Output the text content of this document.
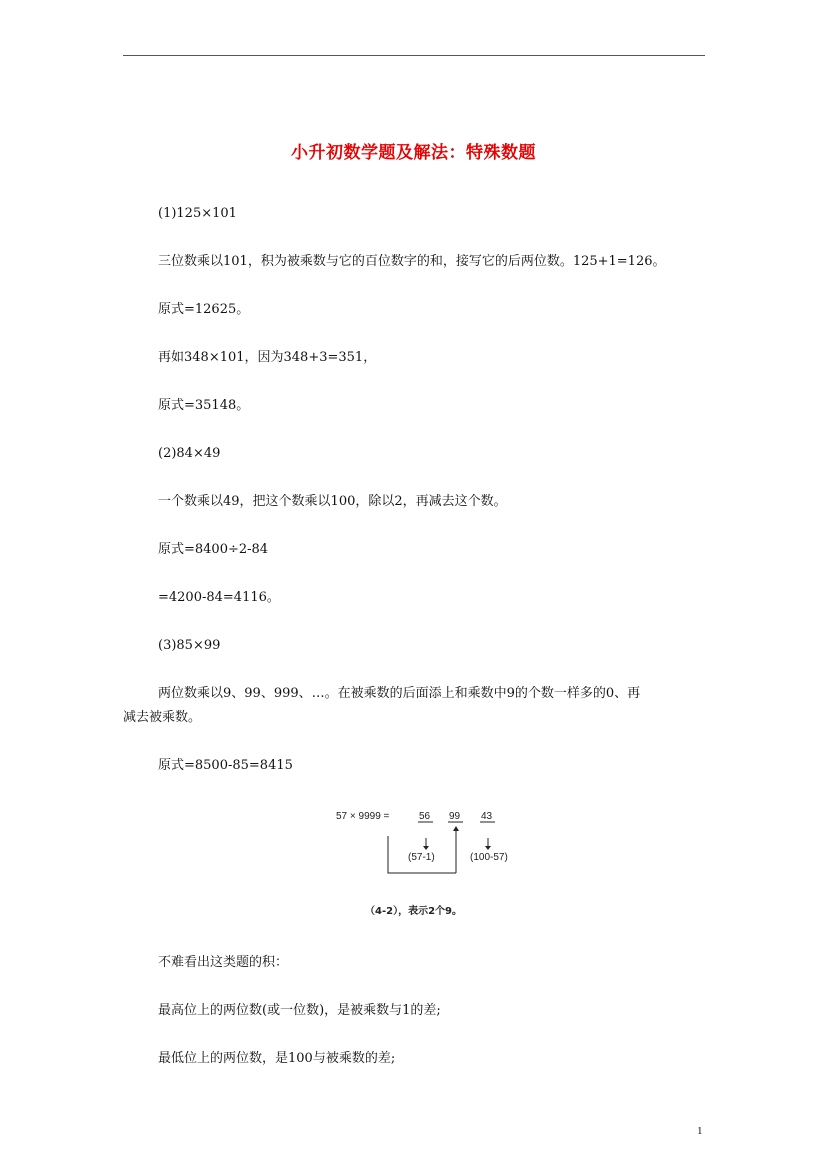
小升初数学题及解法：特殊数题
(1)125×101
三位数乘以101，积为被乘数与它的百位数字的和，接写它的后两位数。125+1=126。
原式=12625。
再如348×101，因为348+3=351，
原式=35148。
(2)84×49
一个数乘以49，把这个数乘以100，除以2，再减去这个数。
原式=8400÷2-84
=4200-84=4116。
(3)85×99
两位数乘以9、99、999、…。在被乘数的后面添上和乘数中9的个数一样多的0、再
减去被乘数。
原式=8500-85=8415
57 × 9999 =	56 99 43
(57-1)	(100-57)
（4-2），表示2个9。
不难看出这类题的积：
最高位上的两位数(或一位数)，是被乘数与1的差;
最低位上的两位数，是100与被乘数的差;
1
